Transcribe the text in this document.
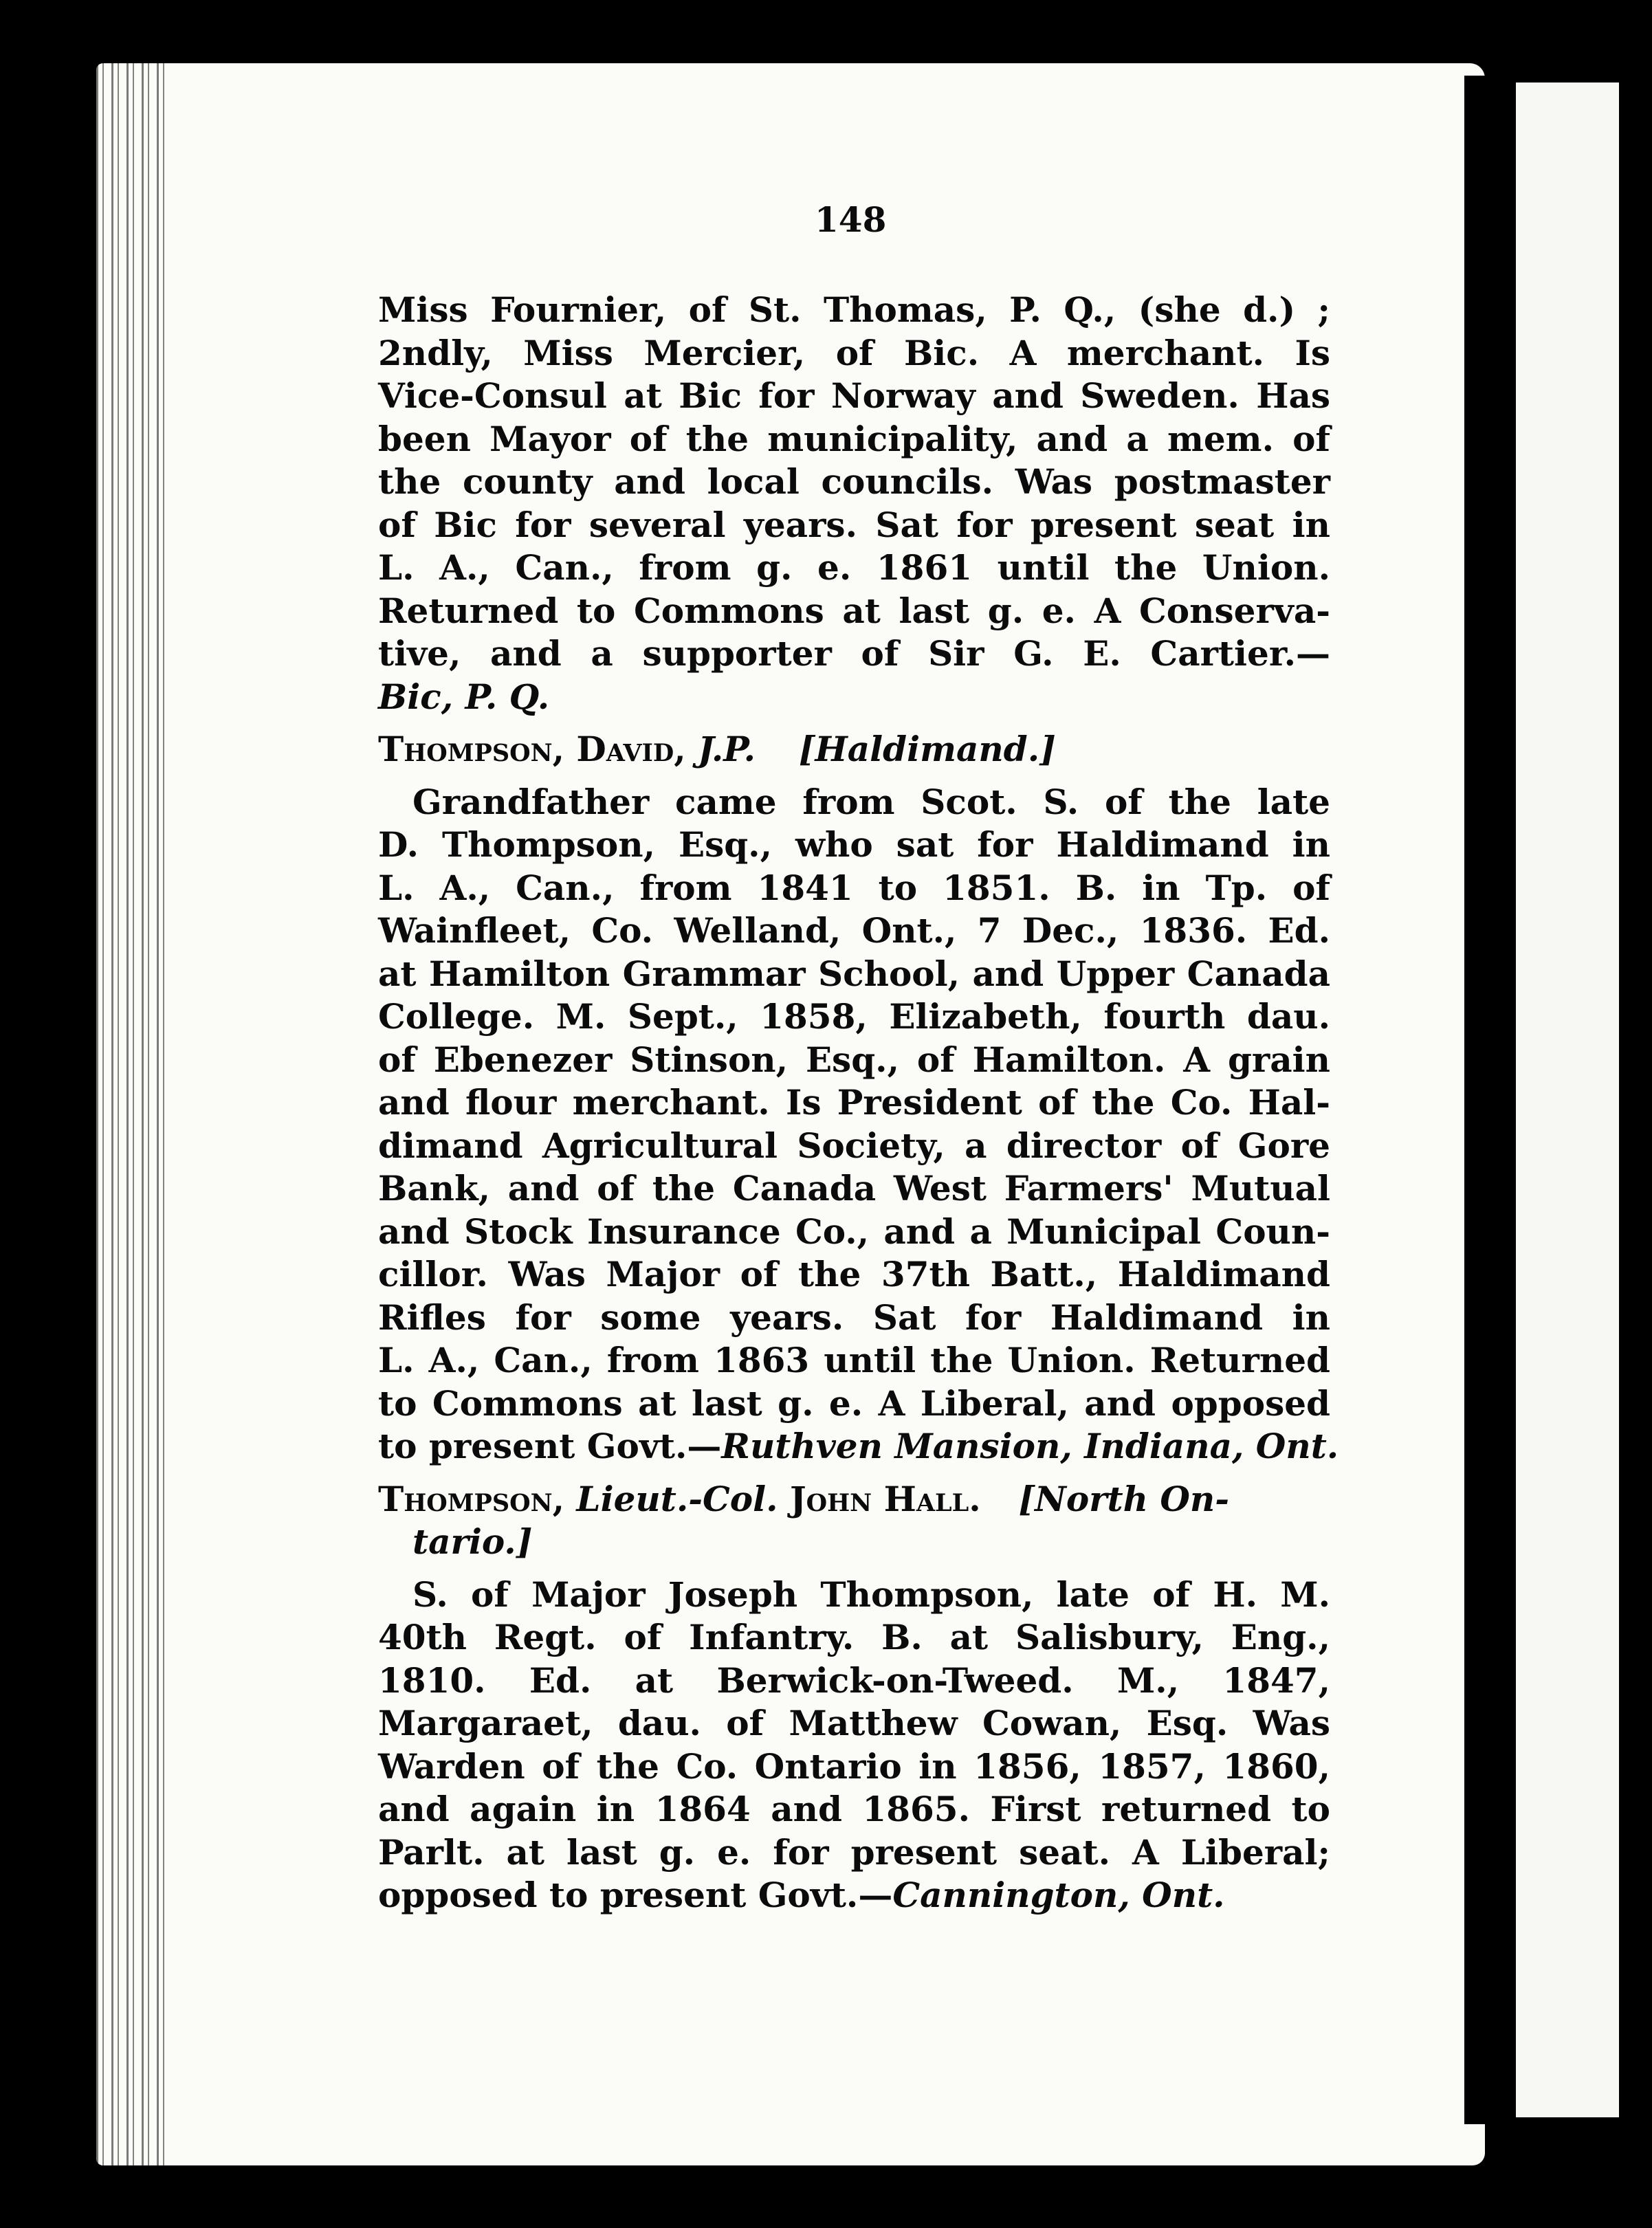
148
Miss Fournier, of St. Thomas, P. Q., (she d.) ;
2ndly, Miss Mercier, of Bic. A merchant. Is
Vice-Consul at Bic for Norway and Sweden. Has
been Mayor of the municipality, and a mem. of
the county and local councils. Was postmaster
of Bic for several years. Sat for present seat in
L. A., Can., from g. e. 1861 until the Union.
Returned to Commons at last g. e. A Conserva-
tive, and a supporter of Sir G. E. Cartier.—
Bic, P. Q.
Thompson, David, J.P. [Haldimand.]
Grandfather came from Scot. S. of the late
D. Thompson, Esq., who sat for Haldimand in
L. A., Can., from 1841 to 1851. B. in Tp. of
Wainfleet, Co. Welland, Ont., 7 Dec., 1836. Ed.
at Hamilton Grammar School, and Upper Canada
College. M. Sept., 1858, Elizabeth, fourth dau.
of Ebenezer Stinson, Esq., of Hamilton. A grain
and flour merchant. Is President of the Co. Hal-
dimand Agricultural Society, a director of Gore
Bank, and of the Canada West Farmers' Mutual
and Stock Insurance Co., and a Municipal Coun-
cillor. Was Major of the 37th Batt., Haldimand
Rifles for some years. Sat for Haldimand in
L. A., Can., from 1863 until the Union. Returned
to Commons at last g. e. A Liberal, and opposed
to present Govt.—Ruthven Mansion, Indiana, Ont.
Thompson, Lieut.-Col. John Hall. [North On-
tario.]
S. of Major Joseph Thompson, late of H. M.
40th Regt. of Infantry. B. at Salisbury, Eng.,
1810. Ed. at Berwick-on-Tweed. M., 1847,
Margaraet, dau. of Matthew Cowan, Esq. Was
Warden of the Co. Ontario in 1856, 1857, 1860,
and again in 1864 and 1865. First returned to
Parlt. at last g. e. for present seat. A Liberal;
opposed to present Govt.—Cannington, Ont.
